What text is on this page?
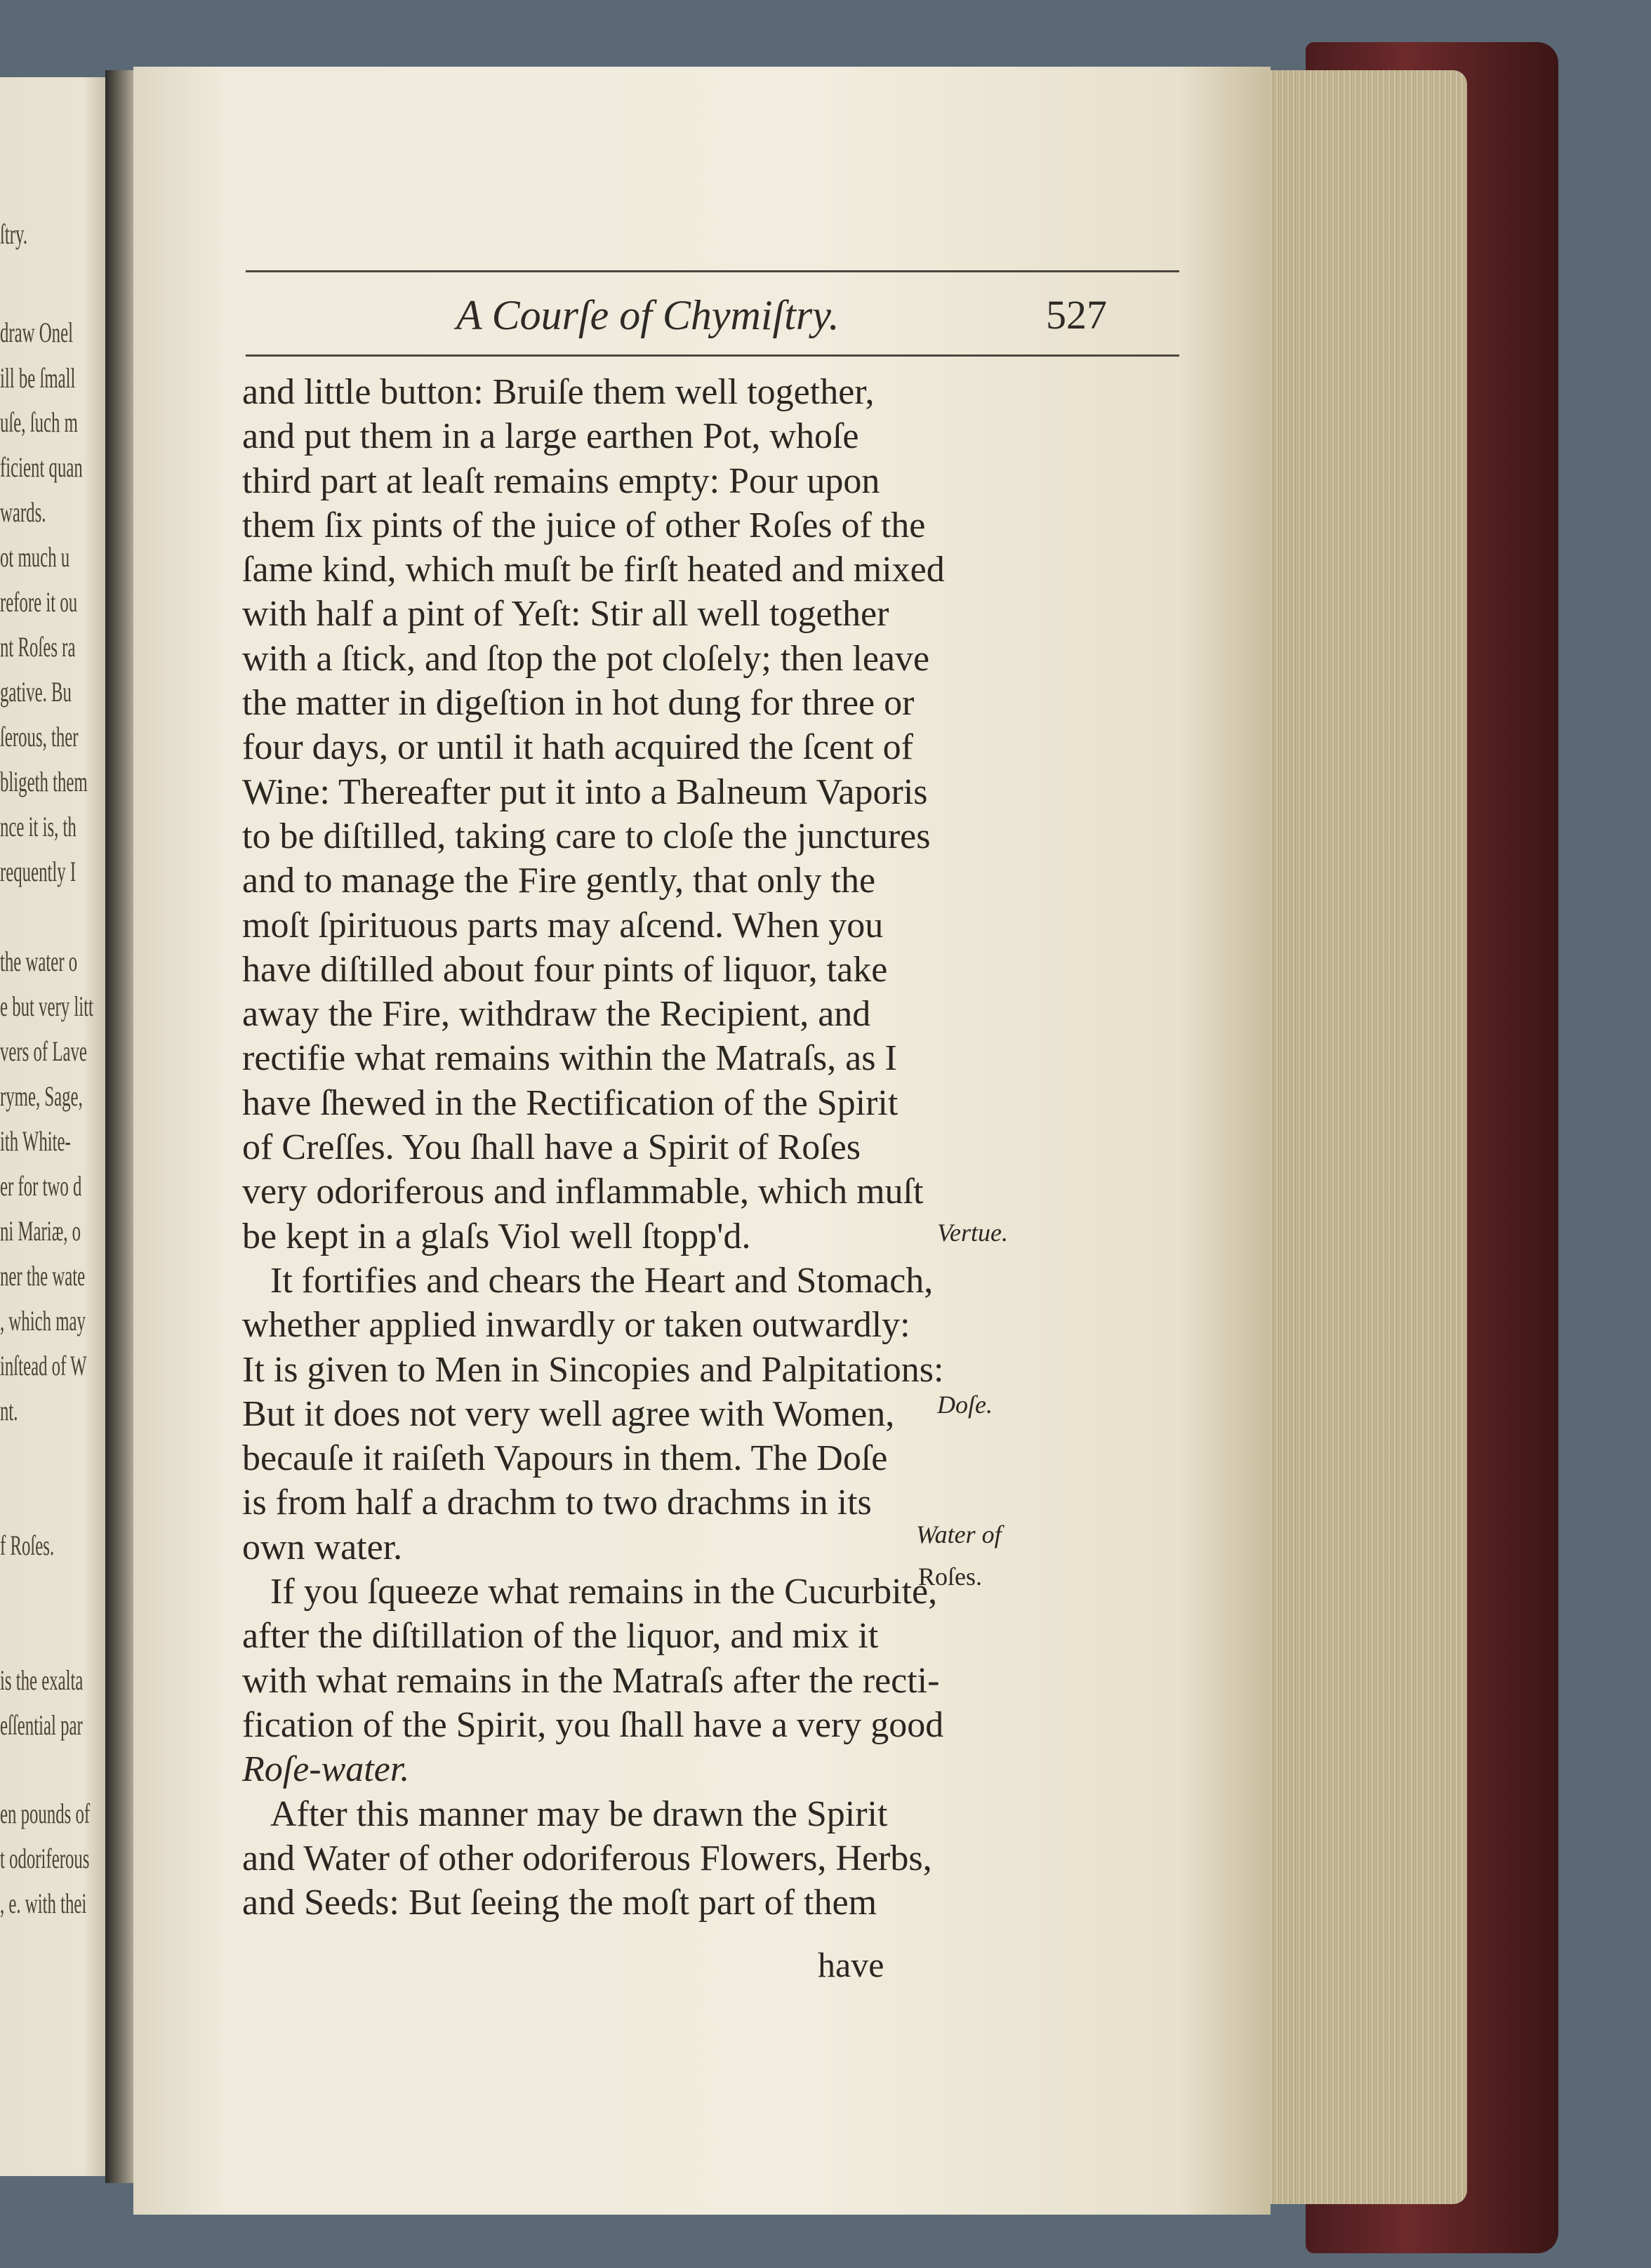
ſtry.
draw Onel
ill be ſmall
uſe, ſuch m
ficient quan
wards.
ot much u
refore it ou
nt Roſes ra
gative. Bu
ſerous, ther
bligeth them
nce it is, th
requently I
the water o
e but very litt
vers of Lave
ryme, Sage,
ith White-
er for two d
ni Mariæ, o
ner the wate
, which may
inſtead of W
nt.
f Roſes.
is the exalta
eſſential par
en pounds of
t odoriferous
, e. with thei
A Courſe of Chymiſtry.	527
and little button: Bruiſe them well together,
and put them in a large earthen Pot, whoſe
third part at leaſt remains empty: Pour upon
them ſix pints of the juice of other Roſes of the
ſame kind, which muſt be firſt heated and mixed
with half a pint of Yeſt: Stir all well together
with a ſtick, and ſtop the pot cloſely; then leave
the matter in digeſtion in hot dung for three or
four days, or until it hath acquired the ſcent of
Wine: Thereafter put it into a Balneum Vaporis
to be diſtilled, taking care to cloſe the junctures
and to manage the Fire gently, that only the
moſt ſpirituous parts may aſcend. When you
have diſtilled about four pints of liquor, take
away the Fire, withdraw the Recipient, and
rectifie what remains within the Matraſs, as I
have ſhewed in the Rectification of the Spirit
of Creſſes. You ſhall have a Spirit of Roſes
very odoriferous and inflammable, which muſt
be kept in a glaſs Viol well ſtopp'd.
It fortifies and chears the Heart and Stomach,
whether applied inwardly or taken outwardly:
It is given to Men in Sincopies and Palpitations:
But it does not very well agree with Women,
becauſe it raiſeth Vapours in them. The Doſe
is from half a drachm to two drachms in its
own water.
If you ſqueeze what remains in the Cucurbite,
after the diſtillation of the liquor, and mix it
with what remains in the Matraſs after the recti-
fication of the Spirit, you ſhall have a very good
Roſe-water.
After this manner may be drawn the Spirit
and Water of other odoriferous Flowers, Herbs,
and Seeds: But ſeeing the moſt part of them
have
Vertue.
Doſe.
Water of
Roſes.
